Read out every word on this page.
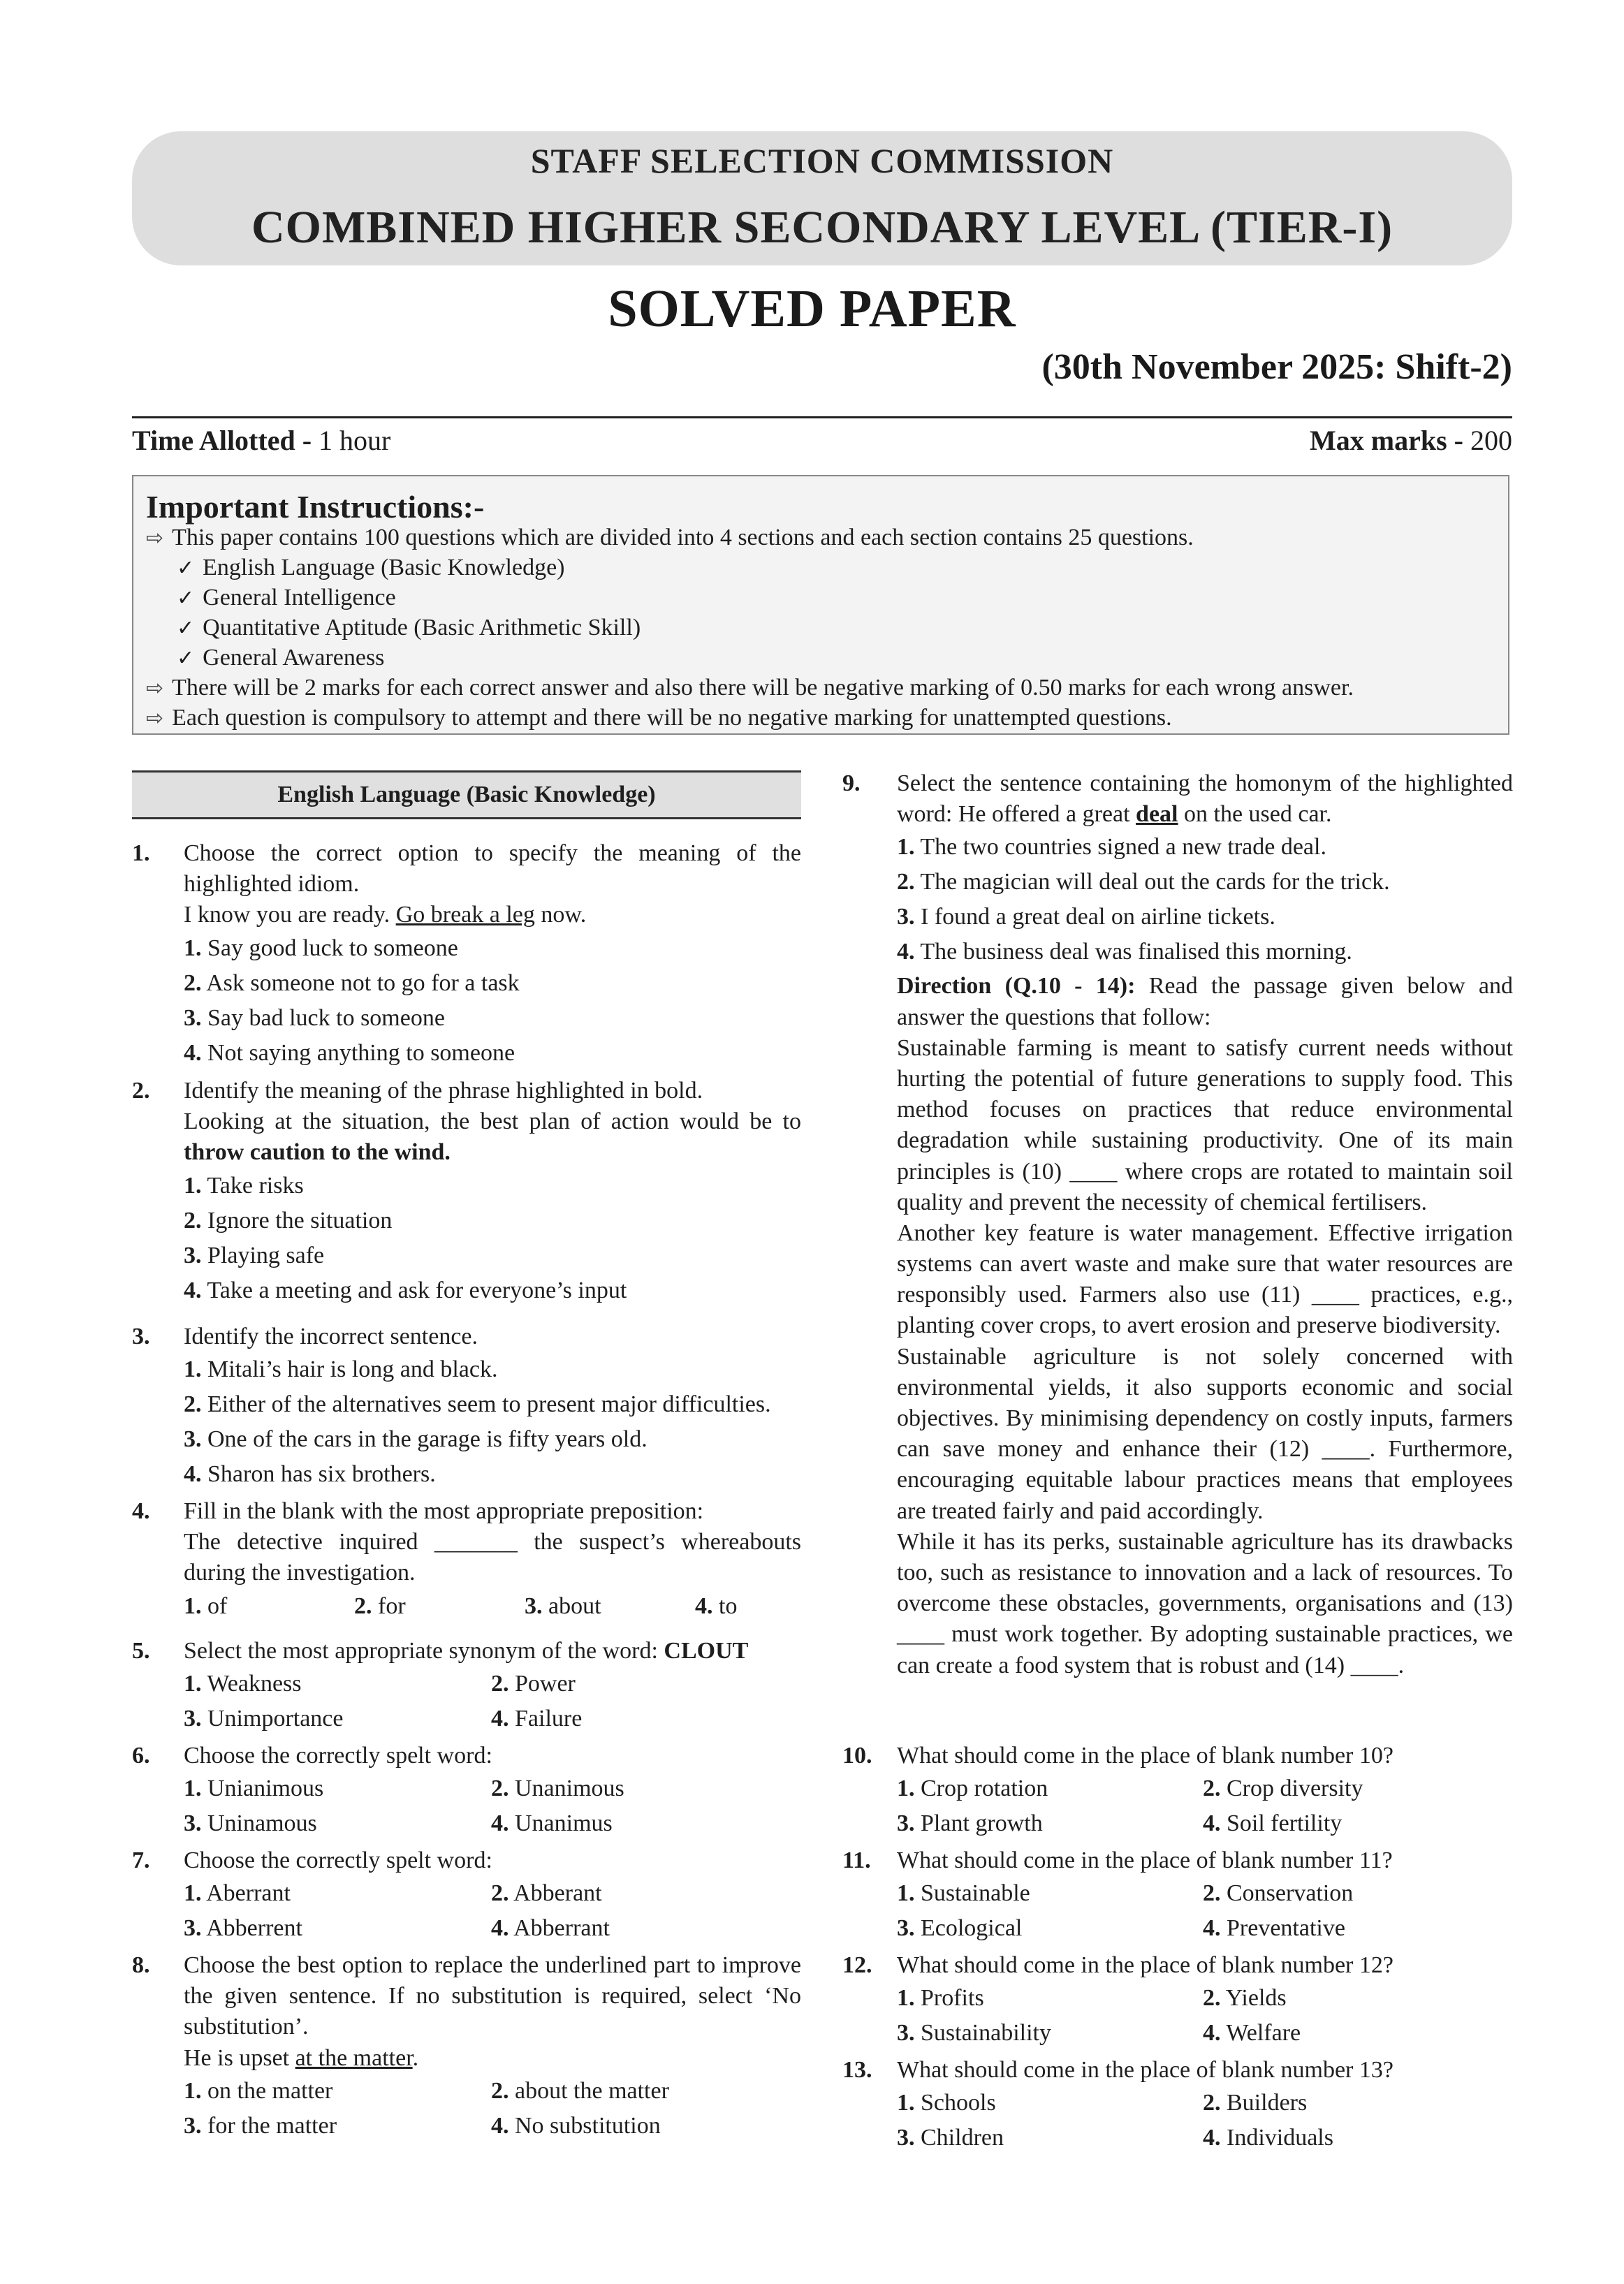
STAFF SELECTION COMMISSION
COMBINED HIGHER SECONDARY LEVEL (TIER-I)
SOLVED PAPER
(30th November 2025: Shift-2)
Time Allotted - 1 hour	Max marks - 200
Important Instructions:-
⇨ This paper contains 100 questions which are divided into 4 sections and each section contains 25 questions.
✓ English Language (Basic Knowledge)
✓ General Intelligence
✓ Quantitative Aptitude (Basic Arithmetic Skill)
✓ General Awareness
⇨ There will be 2 marks for each correct answer and also there will be negative marking of 0.50 marks for each wrong answer.
⇨ Each question is compulsory to attempt and there will be no negative marking for unattempted questions.
English Language (Basic Knowledge)
1. Choose the correct option to specify the meaning of the highlighted idiom.

I know you are ready. Go break a leg now.

1. Say good luck to someone
2. Ask someone not to go for a task
3. Say bad luck to someone
4. Not saying anything to someone
2. Identify the meaning of the phrase highlighted in bold.

Looking at the situation, the best plan of action would be to throw caution to the wind.

1. Take risks
2. Ignore the situation
3. Playing safe
4. Take a meeting and ask for everyone’s input
3. Identify the incorrect sentence.

1. Mitali’s hair is long and black.
2. Either of the alternatives seem to present major difficulties.
3. One of the cars in the garage is fifty years old.
4. Sharon has six brothers.
4. Fill in the blank with the most appropriate preposition:

The detective inquired _______ the suspect’s whereabouts during the investigation.

1. of	2. for	3. about	4. to
5. Select the most appropriate synonym of the word: CLOUT

1. Weakness	2. Power
3. Unimportance	4. Failure
6. Choose the correctly spelt word:

1. Unianimous	2. Unanimous
3. Uninamous	4. Unanimus
7. Choose the correctly spelt word:

1. Aberrant	2. Abberant
3. Abberrent	4. Abberrant
8. Choose the best option to replace the underlined part to improve the given sentence. If no substitution is required, select ‘No substitution’.

He is upset at the matter.

1. on the matter	2. about the matter
3. for the matter	4. No substitution
9. Select the sentence containing the homonym of the highlighted word: He offered a great deal on the used car.

1. The two countries signed a new trade deal.
2. The magician will deal out the cards for the trick.
3. I found a great deal on airline tickets.
4. The business deal was finalised this morning.

Direction (Q.10 - 14): Read the passage given below and answer the questions that follow:

Sustainable farming is meant to satisfy current needs without hurting the potential of future generations to supply food. This method focuses on practices that reduce environmental degradation while sustaining productivity. One of its main principles is (10) ____ where crops are rotated to maintain soil quality and prevent the necessity of chemical fertilisers.

Another key feature is water management. Effective irrigation systems can avert waste and make sure that water resources are responsibly used. Farmers also use (11) ____ practices, e.g., planting cover crops, to avert erosion and preserve biodiversity.

Sustainable agriculture is not solely concerned with environmental yields, it also supports economic and social objectives. By minimising dependency on costly inputs, farmers can save money and enhance their (12) ____. Furthermore, encouraging equitable labour practices means that employees are treated fairly and paid accordingly.

While it has its perks, sustainable agriculture has its drawbacks too, such as resistance to innovation and a lack of resources. To overcome these obstacles, governments, organisations and (13) ____ must work together. By adopting sustainable practices, we can create a food system that is robust and (14) ____.

10. What should come in the place of blank number 10?

1. Crop rotation	2. Crop diversity
3. Plant growth	4. Soil fertility
11. What should come in the place of blank number 11?

1. Sustainable	2. Conservation
3. Ecological	4. Preventative
12. What should come in the place of blank number 12?

1. Profits	2. Yields
3. Sustainability	4. Welfare
13. What should come in the place of blank number 13?

1. Schools	2. Builders
3. Children	4. Individuals
